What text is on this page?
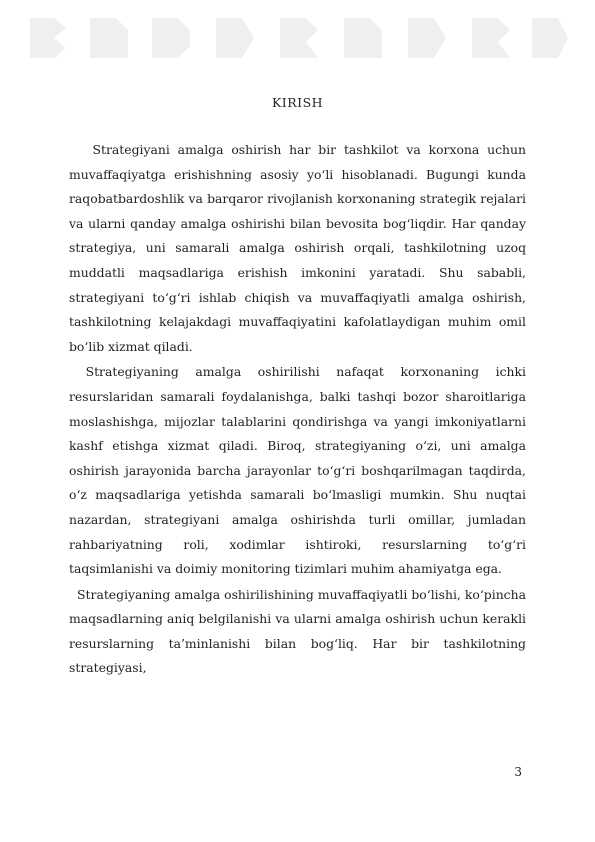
KIRISH

Strategiyani amalga oshirish har bir tashkilot va korxona uchun muvaffaqiyatga erishishning asosiy yo‘li hisoblanadi. Bugungi kunda raqobatbardoshlik va barqaror rivojlanish korxonaning strategik rejalari va ularni qanday amalga oshirishi bilan bevosita bog‘liqdir. Har qanday strategiya, uni samarali amalga oshirish orqali, tashkilotning uzoq muddatli maqsadlariga erishish imkonini yaratadi. Shu sababli, strategiyani to‘g‘ri ishlab chiqish va muvaffaqiyatli amalga oshirish, tashkilotning kelajakdagi muvaffaqiyatini kafolatlaydigan muhim omil bo‘lib xizmat qiladi.

Strategiyaning amalga oshirilishi nafaqat korxonaning ichki resurslaridan samarali foydalanishga, balki tashqi bozor sharoitlariga moslashishga, mijozlar talablarini qondirishga va yangi imkoniyatlarni kashf etishga xizmat qiladi. Biroq, strategiyaning o‘zi, uni amalga oshirish jarayonida barcha jarayonlar to‘g‘ri boshqarilmagan taqdirda, o‘z maqsadlariga yetishda samarali bo‘lmasligi mumkin. Shu nuqtai nazardan, strategiyani amalga oshirishda turli omillar, jumladan rahbariyatning roli, xodimlar ishtiroki, resurslarning to‘g‘ri taqsimlanishi va doimiy monitoring tizimlari muhim ahamiyatga ega.

Strategiyaning amalga oshirilishining muvaffaqiyatli bo‘lishi, ko‘pincha maqsadlarning aniq belgilanishi va ularni amalga oshirish uchun kerakli resurslarning ta’minlanishi bilan bog‘liq. Har bir tashkilotning strategiyasi,

3
